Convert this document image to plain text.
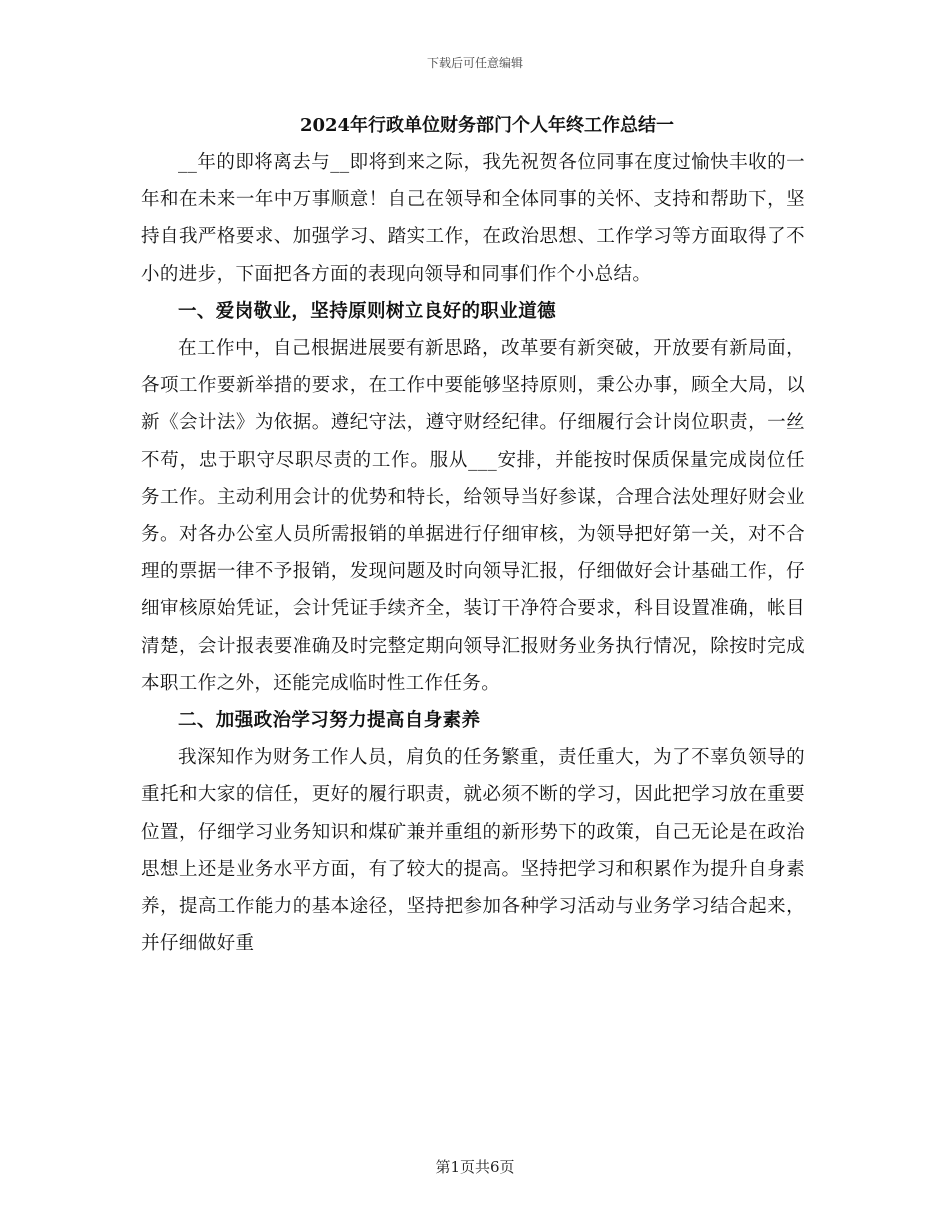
下载后可任意编辑
2024年行政单位财务部门个人年终工作总结一

__年的即将离去与__即将到来之际，我先祝贺各位同事在度过愉快丰收的一年和在未来一年中万事顺意！自己在领导和全体同事的关怀、支持和帮助下，坚持自我严格要求、加强学习、踏实工作，在政治思想、工作学习等方面取得了不小的进步，下面把各方面的表现向领导和同事们作个小总结。

一、爱岗敬业，坚持原则树立良好的职业道德

在工作中，自己根据进展要有新思路，改革要有新突破，开放要有新局面，各项工作要新举措的要求，在工作中要能够坚持原则，秉公办事，顾全大局，以新《会计法》为依据。遵纪守法，遵守财经纪律。仔细履行会计岗位职责，一丝不苟，忠于职守尽职尽责的工作。服从___安排，并能按时保质保量完成岗位任务工作。主动利用会计的优势和特长，给领导当好参谋，合理合法处理好财会业务。对各办公室人员所需报销的单据进行仔细审核，为领导把好第一关，对不合理的票据一律不予报销，发现问题及时向领导汇报，仔细做好会计基础工作，仔细审核原始凭证，会计凭证手续齐全，装订干净符合要求，科目设置准确，帐目清楚，会计报表要准确及时完整定期向领导汇报财务业务执行情况，除按时完成本职工作之外，还能完成临时性工作任务。

二、加强政治学习努力提高自身素养

我深知作为财务工作人员，肩负的任务繁重，责任重大，为了不辜负领导的重托和大家的信任，更好的履行职责，就必须不断的学习，因此把学习放在重要位置，仔细学习业务知识和煤矿兼并重组的新形势下的政策，自己无论是在政治思想上还是业务水平方面，有了较大的提高。坚持把学习和积累作为提升自身素养，提高工作能力的基本途径，坚持把参加各种学习活动与业务学习结合起来，并仔细做好重

第1页共6页
